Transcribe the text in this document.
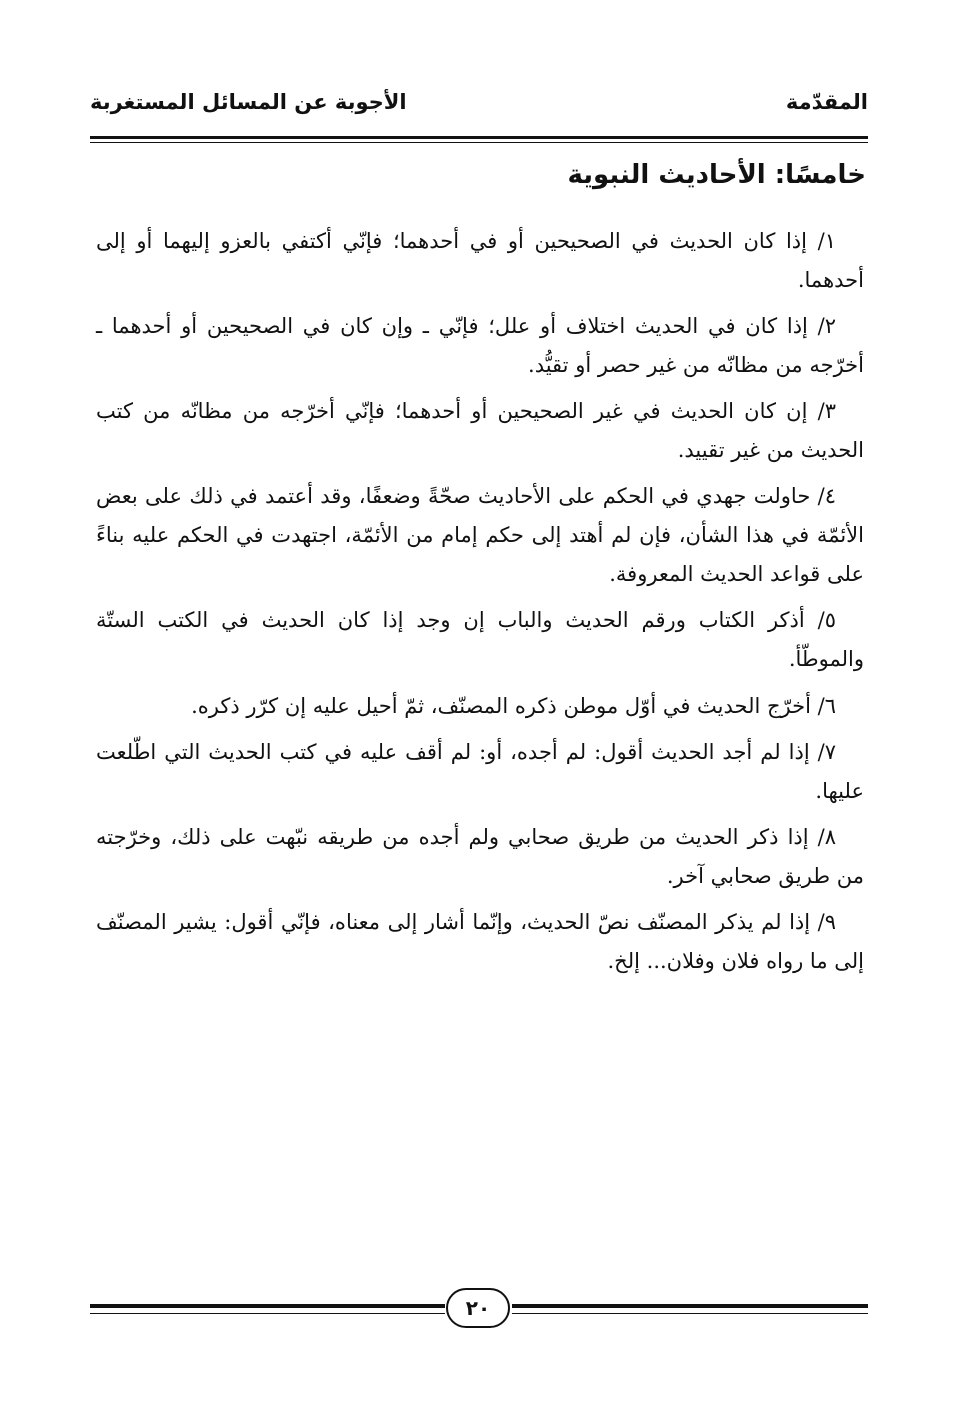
المقدّمة
الأجوبة عن المسائل المستغربة
خامسًا: الأحاديث النبوية

١/ إذا كان الحديث في الصحيحين أو في أحدهما؛ فإنّي أكتفي بالعزو إليهما أو إلى أحدهما.

٢/ إذا كان في الحديث اختلاف أو علل؛ فإنّي ـ وإن كان في الصحيحين أو أحدهما ـ أخرّجه من مظانّه من غير حصر أو تقيُّد.

٣/ إن كان الحديث في غير الصحيحين أو أحدهما؛ فإنّي أخرّجه من مظانّه من كتب الحديث من غير تقييد.

٤/ حاولت جهدي في الحكم على الأحاديث صحّةً وضعفًا، وقد أعتمد في ذلك على بعض الأئمّة في هذا الشأن، فإن لم أهتد إلى حكم إمام من الأئمّة، اجتهدت في الحكم عليه بناءً على قواعد الحديث المعروفة.

٥/ أذكر الكتاب ورقم الحديث والباب إن وجد إذا كان الحديث في الكتب الستّة والموطّأ.

٦/ أخرّج الحديث في أوّل موطن ذكره المصنّف، ثمّ أحيل عليه إن كرّر ذكره.

٧/ إذا لم أجد الحديث أقول: لم أجده، أو: لم أقف عليه في كتب الحديث التي اطّلعت عليها.

٨/ إذا ذكر الحديث من طريق صحابي ولم أجده من طريقه نبّهت على ذلك، وخرّجته من طريق صحابي آخر.

٩/ إذا لم يذكر المصنّف نصّ الحديث، وإنّما أشار إلى معناه، فإنّي أقول: يشير المصنّف إلى ما رواه فلان وفلان... إلخ.

٢٠
